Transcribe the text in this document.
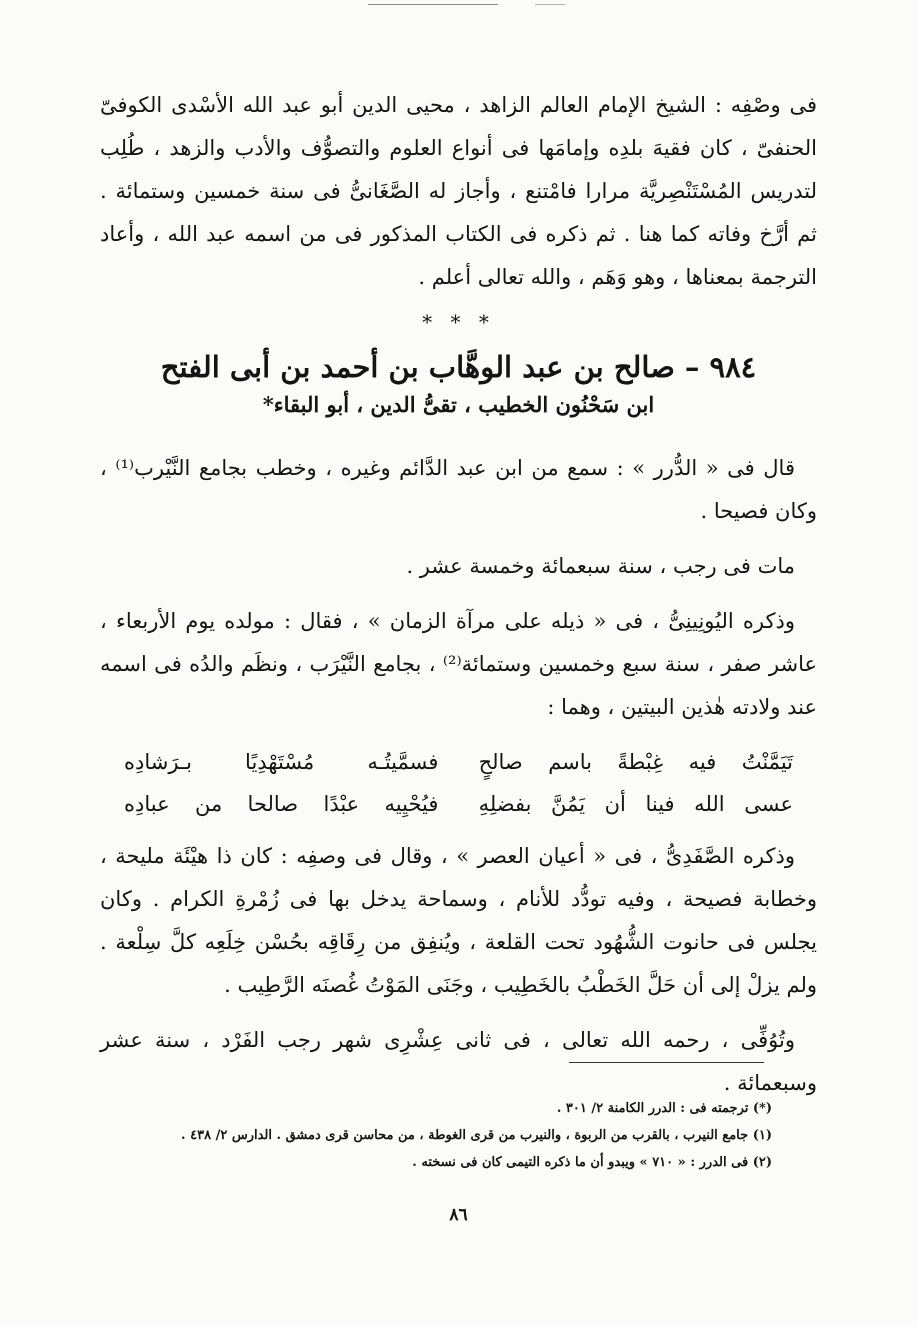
فى وصْفِه : الشيخ الإمام العالم الزاهد ، محيى الدين أبو عبد الله الأسْدى الكوفىّ الحنفىّ ، كان فقيهَ بلدِه وإمامَها فى أنواع العلوم والتصوُّف والأدب والزهد ، طُلِب لتدريس المُسْتَنْصِريَّة مرارا فامْتنع ، وأجاز له الصَّغَانىُّ فى سنة خمسين وستمائة . ثم أرَّخ وفاته كما هنا . ثم ذكره فى الكتاب المذكور فى من اسمه عبد الله ، وأعاد الترجمة بمعناها ، وهو وَهَم ، والله تعالى أعلم .

* * *
٩٨٤ – صالح بن عبد الوهَّاب بن أحمد بن أبى الفتح
ابن سَحْنُون الخطيب ، تقىُّ الدين ، أبو البقاء*

قال فى « الدُّرر » : سمع من ابن عبد الدَّائم وغيره ، وخطب بجامع النَّيْرب⁽¹⁾ ، وكان فصيحا .

مات فى رجب ، سنة سبعمائة وخمسة عشر .

وذكره اليُونِينِىُّ ، فى « ذيله على مرآة الزمان » ، فقال : مولده يوم الأربعاء ، عاشر صفر ، سنة سبع وخمسين وستمائة⁽²⁾ ، بجامع النَّيْرَب ، ونظَم والدُه فى اسمه عند ولادته هٰذين البيتين ، وهما :

تَيَمَّنْتُ فيه غِبْطةً باسم صالحٍ
فسمَّيتُـه مُسْتَهْدِيًا بـرَشادِه
عسى الله فينا أن يَمُنَّ بفضلِهِ
فيُحْيِيه عبْدًا صالحا من عبادِه

وذكره الصَّفَدِىُّ ، فى « أعيان العصر » ، وقال فى وصفِه : كان ذا هيْئَة مليحة ، وخطابة فصيحة ، وفيه تودُّد للأنام ، وسماحة يدخل بها فى زُمْرةِ الكرام . وكان يجلس فى حانوت الشُّهُود تحت القلعة ، ويُنفِق من رِقَاقِه بحُسْن خِلَعِه كلَّ سِلْعة . ولم يزلْ إلى أن حَلَّ الخَطْبُ بالخَطِيب ، وجَنَى المَوْتُ غُصنَه الرَّطِيب .

وتُوُفِّى ، رحمه الله تعالى ، فى ثانى عِشْرِى شهر رجب الفَرْد ، سنة عشر وسبعمائة .

(*) ترجمته فى : الدرر الكامنة ٢/ ٣٠١ .

(١) جامع النيرب ، بالقرب من الربوة ، والنيرب من قرى الغوطة ، من محاسن قرى دمشق . الدارس ٢/ ٤٣٨ .

(٢) فى الدرر : « ٧١٠ » ويبدو أن ما ذكره التيمى كان فى نسخته .

٨٦
